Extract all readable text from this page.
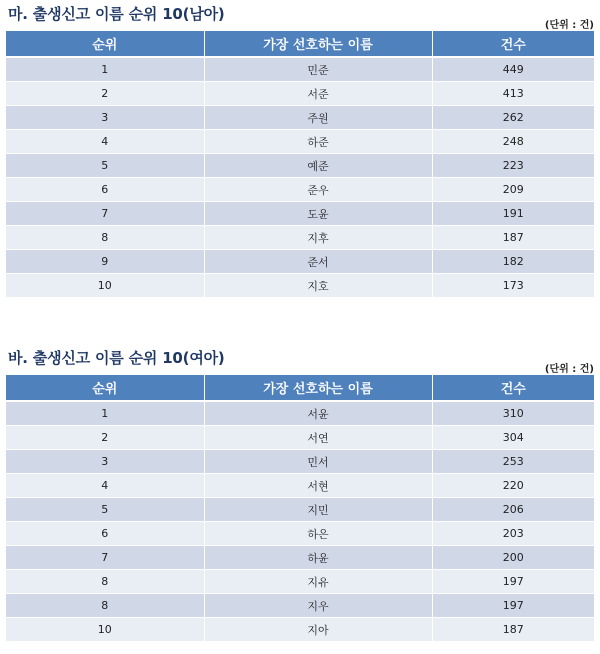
마. 출생신고 이름 순위 10(남아)
(단위 : 건)
순위	가장 선호하는 이름	건수
1	민준	449
2	서준	413
3	주원	262
4	하준	248
5	예준	223
6	준우	209
7	도윤	191
8	지후	187
9	준서	182
10	지호	173
바. 출생신고 이름 순위 10(여아)
(단위 : 건)
순위	가장 선호하는 이름	건수
1	서윤	310
2	서연	304
3	민서	253
4	서현	220
5	지민	206
6	하은	203
7	하윤	200
8	지유	197
8	지우	197
10	지아	187
